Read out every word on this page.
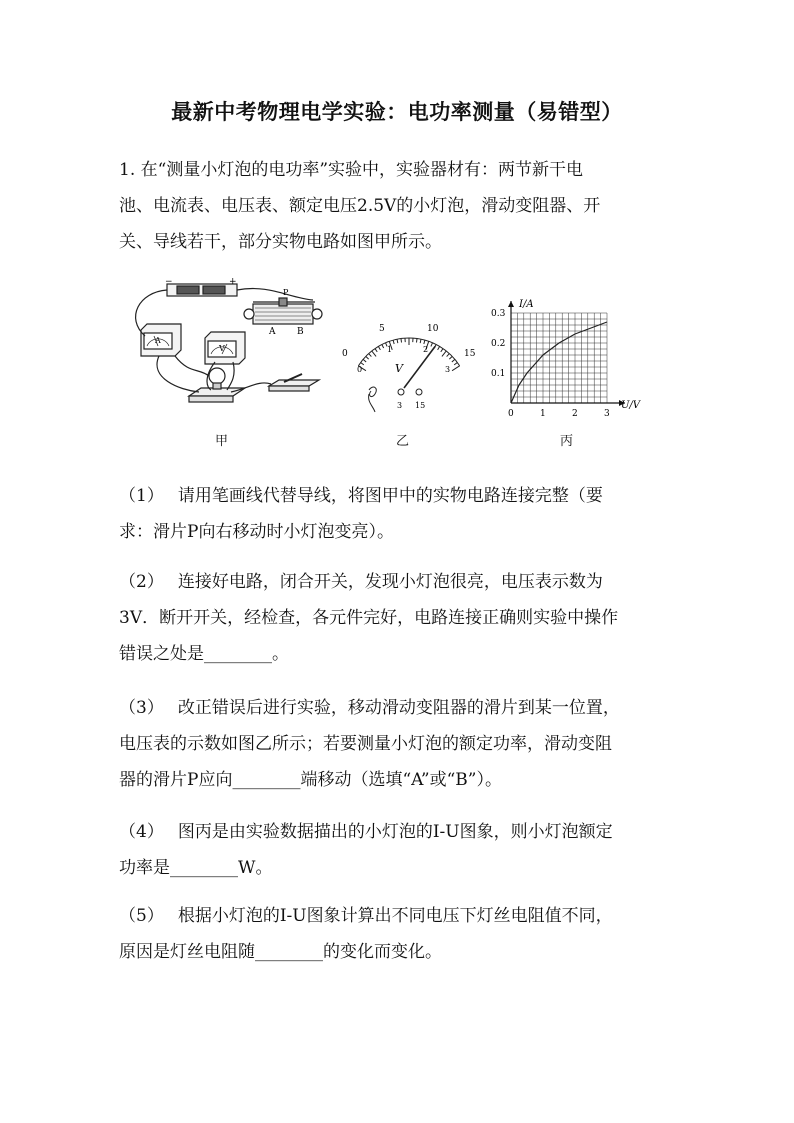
最新中考物理电学实验：电功率测量（易错型）
1. 在“测量小灯泡的电功率”实验中，实验器材有：两节新干电
池、电流表、电压表、额定电压2.5V的小灯泡，滑动变阻器、开
关、导线若干，部分实物电路如图甲所示。
−	+
A B
P
A
V
V
0
5	10
15
0
1	2
3
3 15
I/A
U/V
0	1	2	3
0.1
0.2
0.3
甲	乙	丙
（1） 请用笔画线代替导线，将图甲中的实物电路连接完整（要
求：滑片P向右移动时小灯泡变亮）。
（2） 连接好电路，闭合开关，发现小灯泡很亮，电压表示数为
3V．断开开关，经检查，各元件完好，电路连接正确则实验中操作
错误之处是________。
（3） 改正错误后进行实验，移动滑动变阻器的滑片到某一位置，
电压表的示数如图乙所示；若要测量小灯泡的额定功率，滑动变阻
器的滑片P应向________端移动（选填“A”或“B”）。
（4） 图丙是由实验数据描出的小灯泡的I-U图象，则小灯泡额定
功率是________W。
（5） 根据小灯泡的I-U图象计算出不同电压下灯丝电阻值不同，
原因是灯丝电阻随________的变化而变化。
